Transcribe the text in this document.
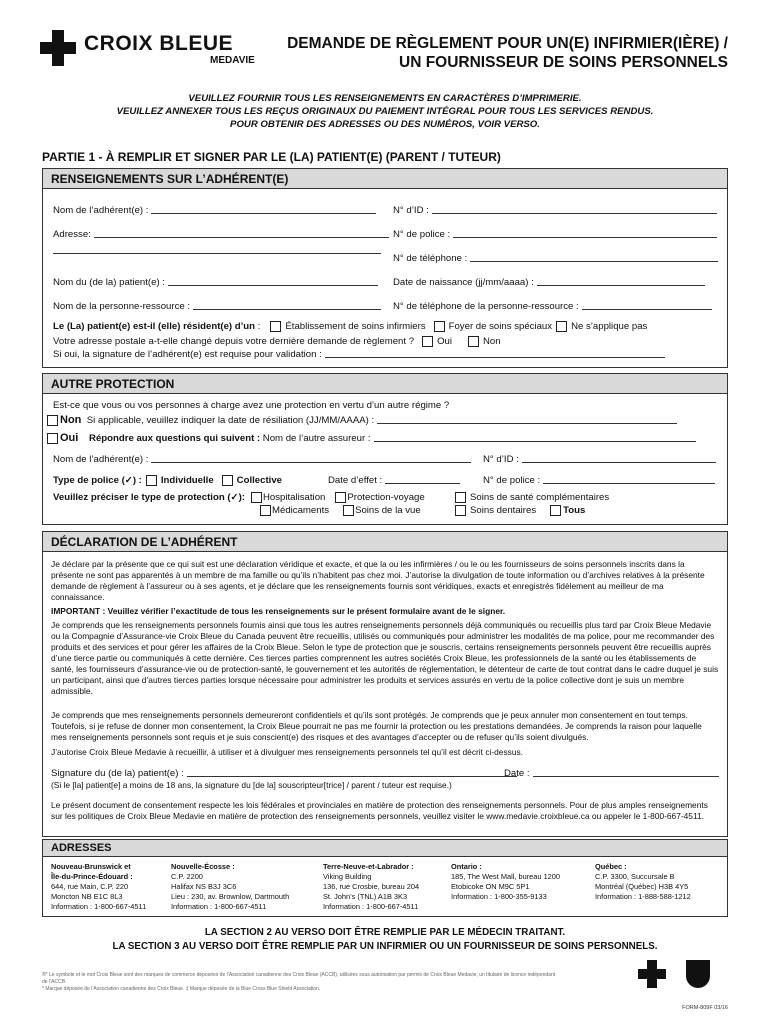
CROIX BLEUE
MEDAVIE
DEMANDE DE RÈGLEMENT POUR UN(E) INFIRMIER(IÈRE) /
UN FOURNISSEUR DE SOINS PERSONNELS
VEUILLEZ FOURNIR TOUS LES RENSEIGNEMENTS EN CARACTÈRES D’IMPRIMERIE.
VEUILLEZ ANNEXER TOUS LES REÇUS ORIGINAUX DU PAIEMENT INTÉGRAL POUR TOUS LES SERVICES RENDUS.
POUR OBTENIR DES ADRESSES OU DES NUMÉROS, VOIR VERSO.
PARTIE 1 - À REMPLIR ET SIGNER PAR LE (LA) PATIENT(E) (PARENT / TUTEUR)
RENSEIGNEMENTS SUR L’ADHÉRENT(E)
Nom de l’adhérent(e) :	N° d’ID :
Adresse:	N° de police :
N° de téléphone :
Nom du (de la) patient(e) :	Date de naissance (jj/mm/aaaa) :
Nom de la personne-ressource :	N° de téléphone de la personne-ressource :
Le (La) patient(e) est-il (elle) résident(e) d’un
:	Établissement de soins infirmiers Foyer de soins spéciaux Ne s’applique pas
Votre adresse postale a-t-elle changé depuis votre dernière demande de règlement ? Oui	Non
Si oui, la signature de l’adhérent(e) est requise pour validation :
AUTRE PROTECTION
Est-ce que vous ou vos personnes à charge avez une protection en vertu d’un autre régime ?
Non
Si applicable, veuillez indiquer la date de résiliation (JJ/MM/AAAA) :
Oui
Répondre aux questions qui suivent :
Nom de l’autre assureur :
Nom de l’adhérent(e) :	N° d’ID :
Type de police (✓) : Individuelle Collective	Date d’effet :	N° de police :
Veuillez préciser le type de protection (✓): Hospitalisation Protection-voyage	Soins de santé complémentaires
Médicaments	Soins de la vue	Soins dentaires	Tous
DÉCLARATION DE L’ADHÉRENT
Je déclare par la présente que ce qui suit est une déclaration véridique et exacte, et que la ou les infirmières / ou le ou les fournisseurs de soins personnels inscrits dans la présente ne sont pas apparentés à un membre de ma famille ou qu’ils n’habitent pas chez moi. J’autorise la divulgation de toute information ou d’archives relatives à la présente demande de règlement à l’assureur ou à ses agents, et je déclare que les renseignements fournis sont véridiques, exacts et enregistrés fidèlement au meilleur de ma connaissance.
IMPORTANT : Veuillez vérifier l’exactitude de tous les renseignements sur le présent formulaire avant de le signer.
Je comprends que les renseignements personnels fournis ainsi que tous les autres renseignements personnels déjà communiqués ou recueillis plus tard par Croix Bleue Medavie ou la Compagnie d’Assurance-vie Croix Bleue du Canada peuvent être recueillis, utilisés ou communiqués pour administrer les modalités de ma police, pour me recommander des produits et des services et pour gérer les affaires de la Croix Bleue. Selon le type de protection que je souscris, certains renseignements personnels peuvent être recueillis auprès d’une tierce partie ou communiqués à cette dernière. Ces tierces parties comprennent les autres sociétés Croix Bleue, les professionnels de la santé ou les établissements de santé, les fournisseurs d’assurance-vie ou de protection-santé, le gouvernement et les autorités de réglementation, le détenteur de carte de tout contrat dans le cadre duquel je suis un participant, ainsi que d’autres tierces parties lorsque nécessaire pour administrer les produits et services assurés en vertu de la police collective dont je suis un membre admissible.
Je comprends que mes renseignements personnels demeureront confidentiels et qu’ils sont protégés. Je comprends que je peux annuler mon consentement en tout temps. Toutefois, si je refuse de donner mon consentement, la Croix Bleue pourrait ne pas me fournir la protection ou les prestations demandées. Je comprends la raison pour laquelle mes renseignements personnels sont requis et je suis conscient(e) des risques et des avantages d’accepter ou de refuser qu’ils soient divulgués.
J’autorise Croix Bleue Medavie à recueillir, à utiliser et à divulguer mes renseignements personnels tel qu’il est décrit ci-dessus.
Signature du (de la) patient(e) :	Date :
(Si le [la] patient[e] a moins de 18 ans, la signature du [de la] souscripteur[trice] / parent / tuteur est requise.)
Le présent document de consentement respecte les lois fédérales et provinciales en matière de protection des renseignements personnels. Pour de plus amples renseignements sur les politiques de Croix Bleue Medavie en matière de protection des renseignements personnels, veuillez visiter le www.medavie.croixbleue.ca ou appeler le 1-800-667-4511.
ADRESSES
Nouveau-Brunswick et
Île-du-Prince-Édouard :
644, rue Main, C.P. 220
Moncton NB E1C 8L3
Information : 1-800-667-4511
Nouvelle-Écosse :
C.P. 2200
Halifax NS B3J 3C6
Lieu : 230, av. Brownlow, Dartmouth
Information : 1-800-667-4511
Terre-Neuve-et-Labrador :
Viking Building
136, rue Crosbie, bureau 204
St. John’s (TNL) A1B 3K3
Information : 1-800-667-4511
Ontario :
185, The West Mall, bureau 1200
Etobicoke ON M9C 5P1
Information : 1-800-355-9133
Québec :
C.P. 3300, Succursale B
Montréal (Québec) H3B 4Y5
Information : 1-888-588-1212
LA SECTION 2 AU VERSO DOIT ÊTRE REMPLIE PAR LE MÉDECIN TRAITANT.
LA SECTION 3 AU VERSO DOIT ÊTRE REMPLIE PAR UN INFIRMIER OU UN FOURNISSEUR DE SOINS PERSONNELS.
®* Le symbole et le mot Croix Bleue sont des marques de commerce déposées de l’Association canadienne des Croix Bleue (ACCB), utilisées sous autorisation par permis de Croix Bleue Medavie, un titulaire de licence indépendant de l’ACCB.
* Marque déposée de l’Association canadienne des Croix Bleue. ‡ Marque déposée de la Blue Cross Blue Shield Association.
FORM-809F 03/16
